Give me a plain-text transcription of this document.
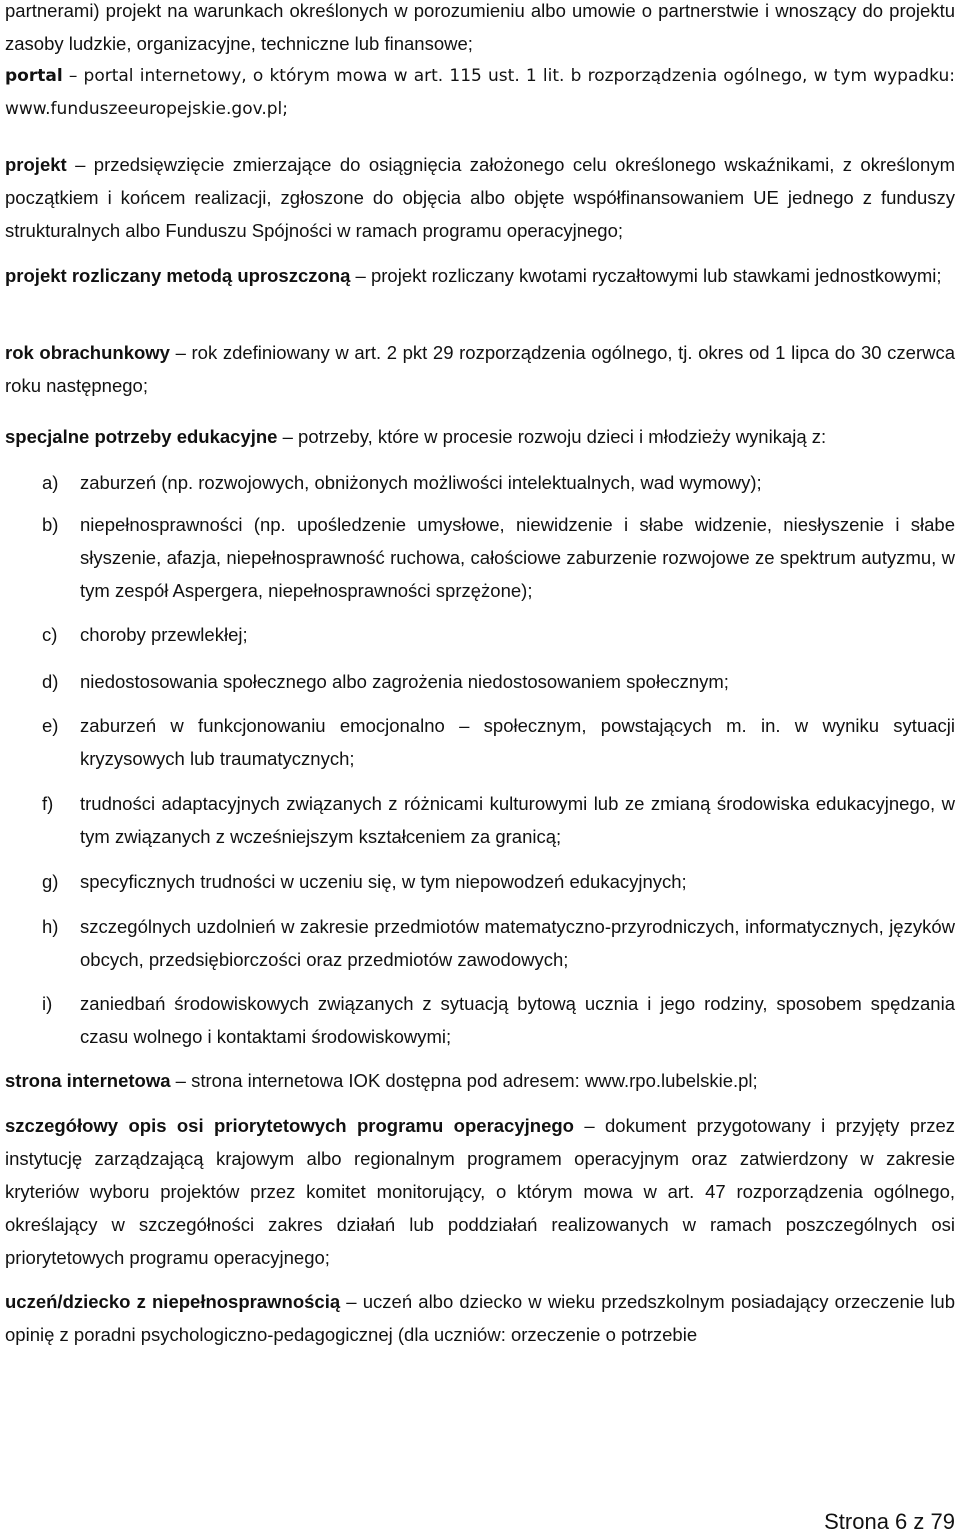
partnerami) projekt na warunkach określonych w porozumieniu albo umowie o partnerstwie i wnoszący do projektu zasoby ludzkie, organizacyjne, techniczne lub finansowe;
portal – portal internetowy, o którym mowa w art. 115 ust. 1 lit. b rozporządzenia ogólnego, w tym wypadku: www.funduszeeuropejskie.gov.pl;
projekt – przedsięwzięcie zmierzające do osiągnięcia założonego celu określonego wskaźnikami, z określonym początkiem i końcem realizacji, zgłoszone do objęcia albo objęte współfinansowaniem UE jednego z funduszy strukturalnych albo Funduszu Spójności w ramach programu operacyjnego;
projekt rozliczany metodą uproszczoną – projekt rozliczany kwotami ryczałtowymi lub stawkami jednostkowymi;
rok obrachunkowy – rok zdefiniowany w art. 2 pkt 29 rozporządzenia ogólnego, tj. okres od 1 lipca do 30 czerwca roku następnego;
specjalne potrzeby edukacyjne – potrzeby, które w procesie rozwoju dzieci i młodzieży wynikają z:
a)	zaburzeń (np. rozwojowych, obniżonych możliwości intelektualnych, wad wymowy);
b)	niepełnosprawności (np. upośledzenie umysłowe, niewidzenie i słabe widzenie, niesłyszenie i słabe słyszenie, afazja, niepełnosprawność ruchowa, całościowe zaburzenie rozwojowe ze spektrum autyzmu, w tym zespół Aspergera, niepełnosprawności sprzężone);
c)	choroby przewlekłej;
d)	niedostosowania społecznego albo zagrożenia niedostosowaniem społecznym;
e)	zaburzeń w funkcjonowaniu emocjonalno – społecznym, powstających m. in. w wyniku sytuacji kryzysowych lub traumatycznych;
f)	trudności adaptacyjnych związanych z różnicami kulturowymi lub ze zmianą środowiska edukacyjnego, w tym związanych z wcześniejszym kształceniem za granicą;
g)	specyficznych trudności w uczeniu się, w tym niepowodzeń edukacyjnych;
h)	szczególnych uzdolnień w zakresie przedmiotów matematyczno-przyrodniczych, informatycznych, języków obcych, przedsiębiorczości oraz przedmiotów zawodowych;
i)	zaniedbań środowiskowych związanych z sytuacją bytową ucznia i jego rodziny, sposobem spędzania czasu wolnego i kontaktami środowiskowymi;
strona internetowa – strona internetowa IOK dostępna pod adresem: www.rpo.lubelskie.pl;
szczegółowy opis osi priorytetowych programu operacyjnego – dokument przygotowany i przyjęty przez instytucję zarządzającą krajowym albo regionalnym programem operacyjnym oraz zatwierdzony w zakresie kryteriów wyboru projektów przez komitet monitorujący, o którym mowa w art. 47 rozporządzenia ogólnego, określający w szczegółności zakres działań lub poddziałań realizowanych w ramach poszczególnych osi priorytetowych programu operacyjnego;
uczeń/dziecko z niepełnosprawnością – uczeń albo dziecko w wieku przedszkolnym posiadający orzeczenie lub opinię z poradni psychologiczno-pedagogicznej (dla uczniów: orzeczenie o potrzebie
Strona 6 z 79
